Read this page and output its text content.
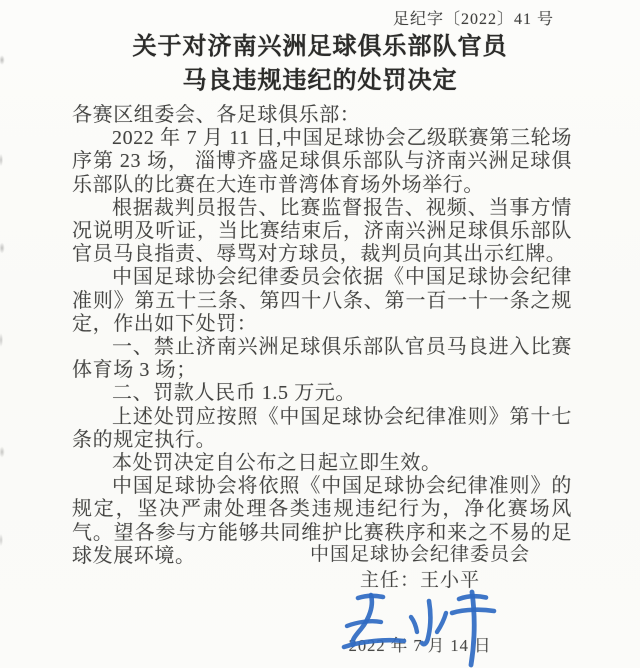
足纪字〔2022〕41 号
关于对济南兴洲足球俱乐部队官员
马良违规违纪的处罚决定

各赛区组委会、各足球俱乐部：

2022 年 7 月 11 日,中国足球协会乙级联赛第三轮场序第 23 场， 淄博齐盛足球俱乐部队与济南兴洲足球俱乐部队的比赛在大连市普湾体育场外场举行。

根据裁判员报告、比赛监督报告、视频、当事方情况说明及听证，当比赛结束后，济南兴洲足球俱乐部队官员马良指责、辱骂对方球员，裁判员向其出示红牌。

中国足球协会纪律委员会依据《中国足球协会纪律准则》第五十三条、第四十八条、第一百一十一条之规定，作出如下处罚：

一、禁止济南兴洲足球俱乐部队官员马良进入比赛体育场 3 场；

二、罚款人民币 1.5 万元。

上述处罚应按照《中国足球协会纪律准则》第十七条的规定执行。

本处罚决定自公布之日起立即生效。

中国足球协会将依照《中国足球协会纪律准则》的规定，坚决严肃处理各类违规违纪行为，净化赛场风气。望各参与方能够共同维护比赛秩序和来之不易的足球发展环境。	中国足球协会纪律委员会
主任：王小平
2022 年 7 月 14 日
